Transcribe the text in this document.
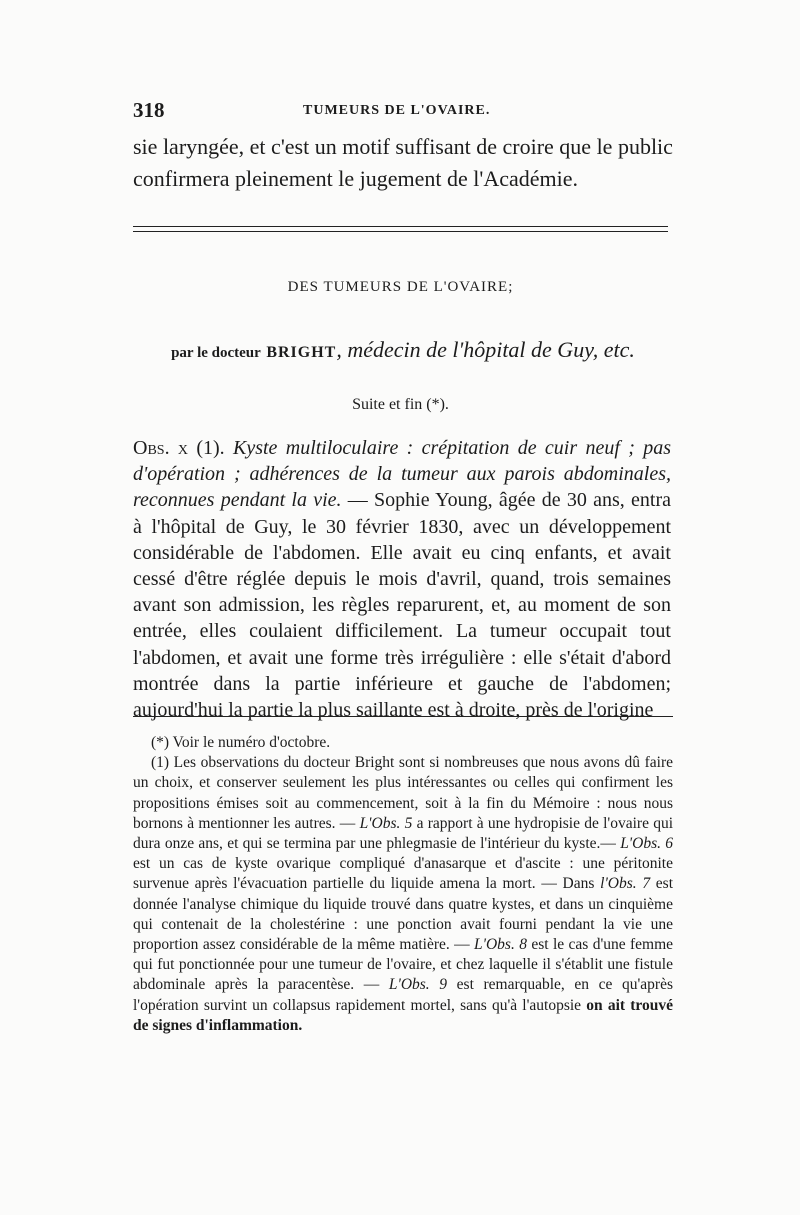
318	TUMEURS DE L'OVAIRE.
sie laryngée, et c'est un motif suffisant de croire que le public confirmera pleinement le jugement de l'Académie.
DES TUMEURS DE L'OVAIRE;
par le docteur BRIGHT, médecin de l'hôpital de Guy, etc.
Suite et fin (*).
Obs. x (1). Kyste multiloculaire : crépitation de cuir neuf ; pas d'opération ; adhérences de la tumeur aux parois abdominales, reconnues pendant la vie. — Sophie Young, âgée de 30 ans, entra à l'hôpital de Guy, le 30 février 1830, avec un développement considérable de l'abdomen. Elle avait eu cinq enfants, et avait cessé d'être réglée depuis le mois d'avril, quand, trois semaines avant son admission, les règles reparurent, et, au moment de son entrée, elles coulaient difficilement. La tumeur occupait tout l'abdomen, et avait une forme très irrégulière : elle s'était d'abord montrée dans la partie inférieure et gauche de l'abdomen; aujourd'hui la partie la plus saillante est à droite, près de l'origine

(*) Voir le numéro d'octobre.

(1) Les observations du docteur Bright sont si nombreuses que nous avons dû faire un choix, et conserver seulement les plus intéressantes ou celles qui confirment les propositions émises soit au commencement, soit à la fin du Mémoire : nous nous bornons à mentionner les autres. — L'Obs. 5 a rapport à une hydropisie de l'ovaire qui dura onze ans, et qui se termina par une phlegmasie de l'intérieur du kyste.— L'Obs. 6 est un cas de kyste ovarique compliqué d'anasarque et d'ascite : une péritonite survenue après l'évacuation partielle du liquide amena la mort. — Dans l'Obs. 7 est donnée l'analyse chimique du liquide trouvé dans quatre kystes, et dans un cinquième qui contenait de la cholestérine : une ponction avait fourni pendant la vie une proportion assez considérable de la même matière. — L'Obs. 8 est le cas d'une femme qui fut ponctionnée pour une tumeur de l'ovaire, et chez laquelle il s'établit une fistule abdominale après la paracentèse. — L'Obs. 9 est remarquable, en ce qu'après l'opération survint un collapsus rapidement mortel, sans qu'à l'autopsie on ait trouvé de signes d'inflammation.
